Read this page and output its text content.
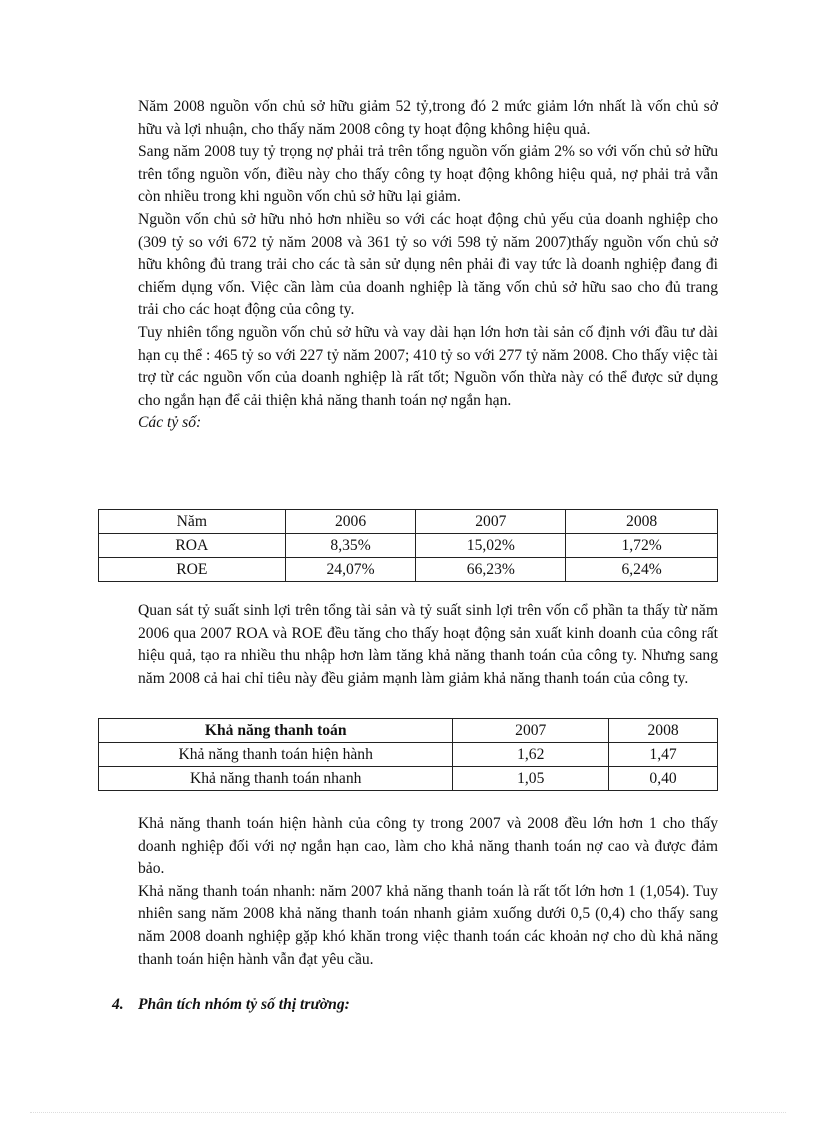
Năm 2008 nguồn vốn chủ sở hữu giảm 52 tỷ,trong đó 2 mức giảm lớn nhất là vốn chủ sở hữu và lợi nhuận, cho thấy năm 2008 công ty hoạt động không hiệu quả.

Sang năm 2008 tuy tỷ trọng nợ phải trả trên tổng nguồn vốn giảm 2% so với vốn chủ sở hữu trên tổng nguồn vốn, điều này cho thấy công ty hoạt động không hiệu quả, nợ phải trả vẫn còn nhiều trong khi nguồn vốn chủ sở hữu lại giảm.

Nguồn vốn chủ sở hữu nhỏ hơn nhiều so với các hoạt động chủ yếu của doanh nghiệp cho (309 tỷ so với 672 tỷ năm 2008 và 361 tỷ so với 598 tỷ năm 2007)thấy nguồn vốn chủ sở hữu không đủ trang trải cho các tà sản sử dụng nên phải đi vay tức là doanh nghiệp đang đi chiếm dụng vốn. Việc cần làm của doanh nghiệp là tăng vốn chủ sở hữu sao cho đủ trang trải cho các hoạt động của công ty.

Tuy nhiên tổng nguồn vốn chủ sở hữu và vay dài hạn lớn hơn tài sản cố định với đầu tư dài hạn cụ thể : 465 tỷ so với 227 tỷ năm 2007; 410 tỷ so với 277 tỷ năm 2008. Cho thấy việc tài trợ từ các nguồn vốn của doanh nghiệp là rất tốt; Nguồn vốn thừa này có thể được sử dụng cho ngắn hạn để cải thiện khả năng thanh toán nợ ngắn hạn.

Các tỷ số:

Năm	2006	2007	2008
ROA	8,35%	15,02%	1,72%
ROE	24,07%	66,23%	6,24%

Quan sát tỷ suất sinh lợi trên tổng tài sản và tỷ suất sinh lợi trên vốn cổ phần ta thấy từ năm 2006 qua 2007 ROA và ROE đều tăng cho thấy hoạt động sản xuất kinh doanh của công rất hiệu quả, tạo ra nhiều thu nhập hơn làm tăng khả năng thanh toán của công ty. Nhưng sang năm 2008 cả hai chỉ tiêu này đều giảm mạnh làm giảm khả năng thanh toán của công ty.

Khả năng thanh toán	2007	2008
Khả năng thanh toán hiện hành	1,62	1,47
Khả năng thanh toán nhanh	1,05	0,40

Khả năng thanh toán hiện hành của công ty trong 2007 và 2008 đều lớn hơn 1 cho thấy doanh nghiệp đối với nợ ngắn hạn cao, làm cho khả năng thanh toán nợ cao và được đảm bảo.

Khả năng thanh toán nhanh: năm 2007 khả năng thanh toán là rất tốt lớn hơn 1 (1,054). Tuy nhiên sang năm 2008 khả năng thanh toán nhanh giảm xuống dưới 0,5 (0,4) cho thấy sang năm 2008 doanh nghiệp gặp khó khăn trong việc thanh toán các khoản nợ cho dù khả năng thanh toán hiện hành vẫn đạt yêu cầu.

4. Phân tích nhóm tỷ số thị trường:
